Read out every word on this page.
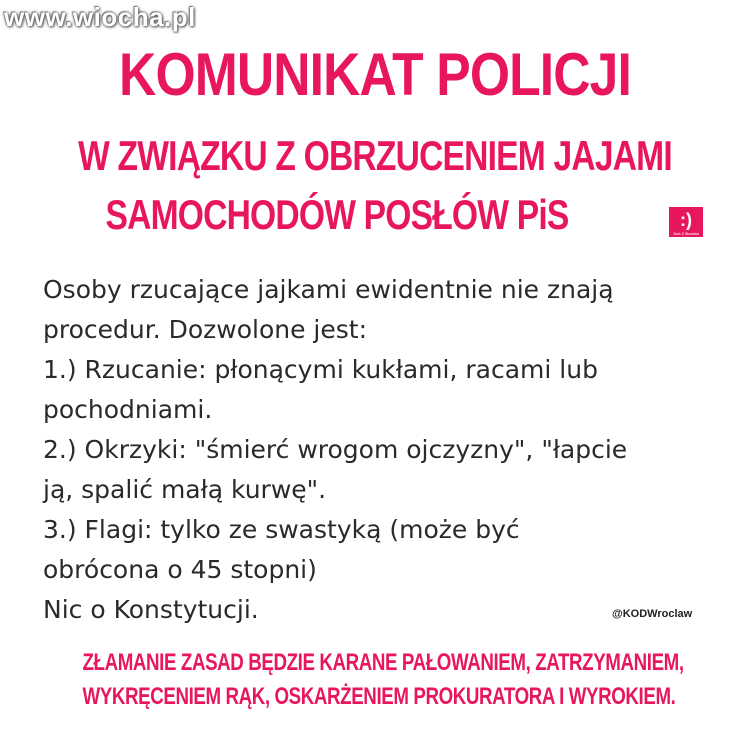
www.wiocha.pl
KOMUNIKAT POLICJI
W ZWIĄZKU Z OBRZUCENIEM JAJAMI
SAMOCHODÓW POSŁÓW PiS	:)
Sok Z Buraka
Osoby rzucające jajkami ewidentnie nie znają
procedur. Dozwolone jest:
1.) Rzucanie: płonącymi kukłami, racami lub
pochodniami.
2.) Okrzyki: "śmierć wrogom ojczyzny", "łapcie
ją, spalić małą kurwę".
3.) Flagi: tylko ze swastyką (może być
obrócona o 45 stopni)
Nic o Konstytucji.	@KODWroclaw
ZŁAMANIE ZASAD BĘDZIE KARANE PAŁOWANIEM, ZATRZYMANIEM,
WYKRĘCENIEM RĄK, OSKARŻENIEM PROKURATORA I WYROKIEM.
